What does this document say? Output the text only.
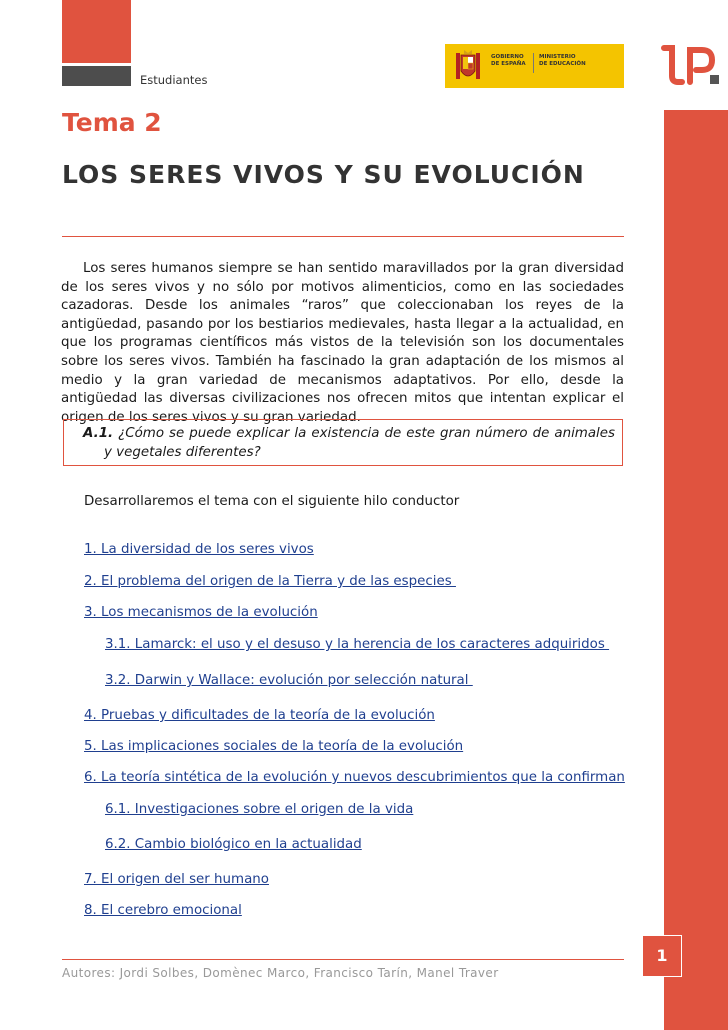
Estudiantes
GOBIERNO
DE ESPAÑA
MINISTERIO
DE EDUCACIÓN
Tema 2
LOS SERES VIVOS Y SU EVOLUCIÓN
Los seres humanos siempre se han sentido maravillados por la gran diversidad de los seres vivos y no sólo por motivos alimenticios, como en las sociedades cazadoras. Desde los animales “raros” que coleccionaban los reyes de la antigüedad, pasando por los bestiarios medievales, hasta llegar a la actualidad, en que los programas científicos más vistos de la televisión son los documentales sobre los seres vivos. También ha fascinado la gran adaptación de los mismos al medio y la gran variedad de mecanismos adaptativos. Por ello, desde la antigüedad las diversas civilizaciones nos ofrecen mitos que intentan explicar el origen de los seres vivos y su gran variedad.
A.1. ¿Cómo se puede explicar la existencia de este gran número de animales y vegetales diferentes?
Desarrollaremos el tema con el siguiente hilo conductor
1. La diversidad de los seres vivos
2. El problema del origen de la Tierra y de las especies
3. Los mecanismos de la evolución
3.1. Lamarck: el uso y el desuso y la herencia de los caracteres adquiridos
3.2. Darwin y Wallace: evolución por selección natural
4. Pruebas y dificultades de la teoría de la evolución
5. Las implicaciones sociales de la teoría de la evolución
6. La teoría sintética de la evolución y nuevos descubrimientos que la confirman
6.1. Investigaciones sobre el origen de la vida
6.2. Cambio biológico en la actualidad
7. El origen del ser humano
8. El cerebro emocional
Autores: Jordi Solbes, Domènec Marco, Francisco Tarín, Manel Traver
1
